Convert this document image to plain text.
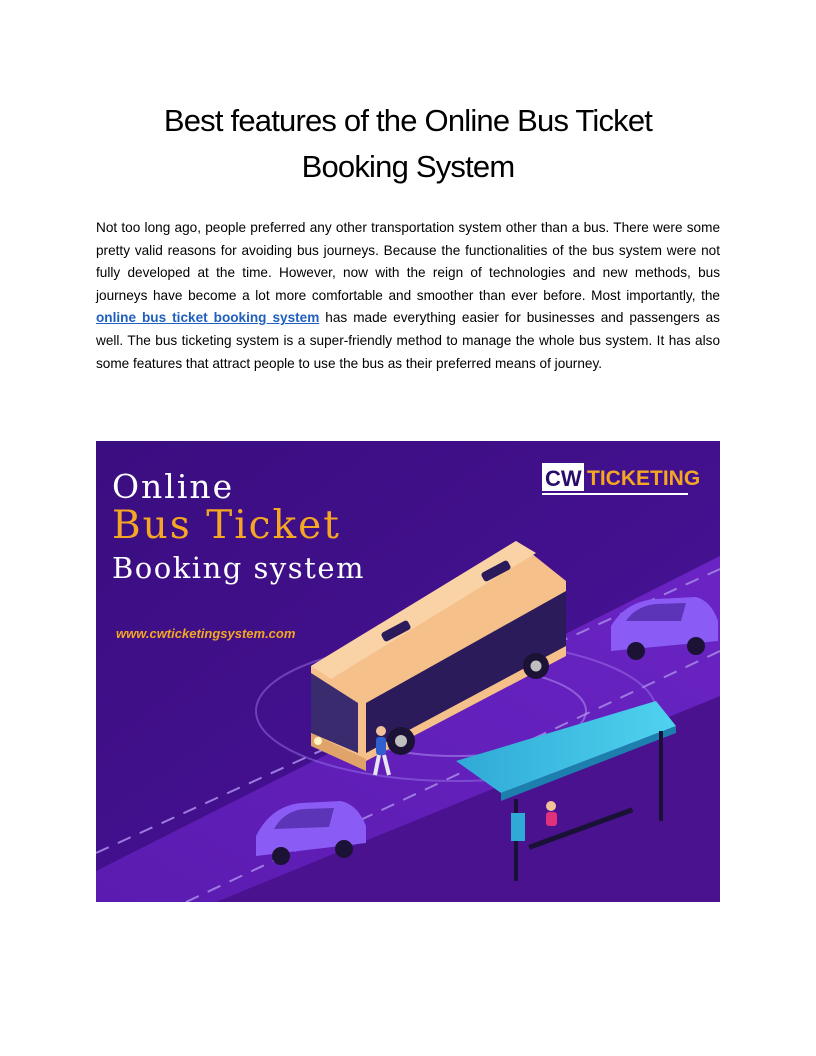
Best features of the Online Bus Ticket
Booking System

Not too long ago, people preferred any other transportation system other than a bus. There were some pretty valid reasons for avoiding bus journeys. Because the functionalities of the bus system were not fully developed at the time. However, now with the reign of technologies and new methods, bus journeys have become a lot more comfortable and smoother than ever before. Most importantly, the online bus ticket booking system has made everything easier for businesses and passengers as well. The bus ticketing system is a super-friendly method to manage the whole bus system. It has also some features that attract people to use the bus as their preferred means of journey.

Online
Bus Ticket
Booking system
www.cwticketingsystem.com
CW TICKETING
